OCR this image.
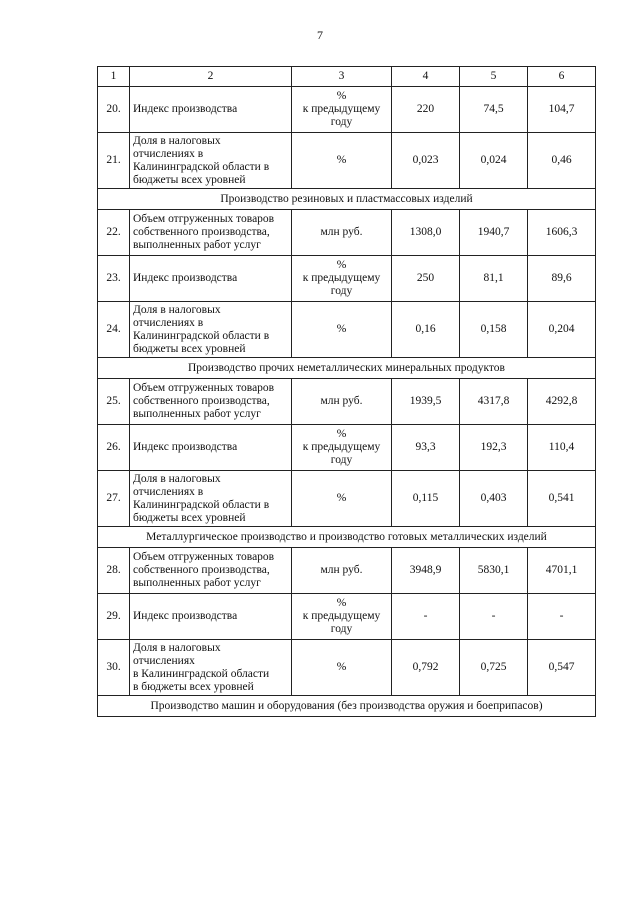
7
1	2	3	4	5	6
20.	Индекс производства	%
к предыдущему
году	220	74,5	104,7
21.	Доля в налоговых
отчислениях в
Калининградской области в
бюджеты всех уровней	%	0,023	0,024	0,46
Производство резиновых и пластмассовых изделий					
22.	Объем отгруженных товаров
собственного производства,
выполненных работ услуг	млн руб.	1308,0	1940,7	1606,3
23.	Индекс производства	%
к предыдущему
году	250	81,1	89,6
24.	Доля в налоговых
отчислениях в
Калининградской области в
бюджеты всех уровней	%	0,16	0,158	0,204
Производство прочих неметаллических минеральных продуктов					
25.	Объем отгруженных товаров
собственного производства,
выполненных работ услуг	млн руб.	1939,5	4317,8	4292,8
26.	Индекс производства	%
к предыдущему
году	93,3	192,3	110,4
27.	Доля в налоговых
отчислениях в
Калининградской области в
бюджеты всех уровней	%	0,115	0,403	0,541
Металлургическое производство и производство готовых металлических изделий					
28.	Объем отгруженных товаров
собственного производства,
выполненных работ услуг	млн руб.	3948,9	5830,1	4701,1
29.	Индекс производства	%
к предыдущему
году	-	-	-
30.	Доля в налоговых
отчислениях
в Калининградской области
в бюджеты всех уровней	%	0,792	0,725	0,547
Производство машин и оборудования (без производства оружия и боеприпасов)					
